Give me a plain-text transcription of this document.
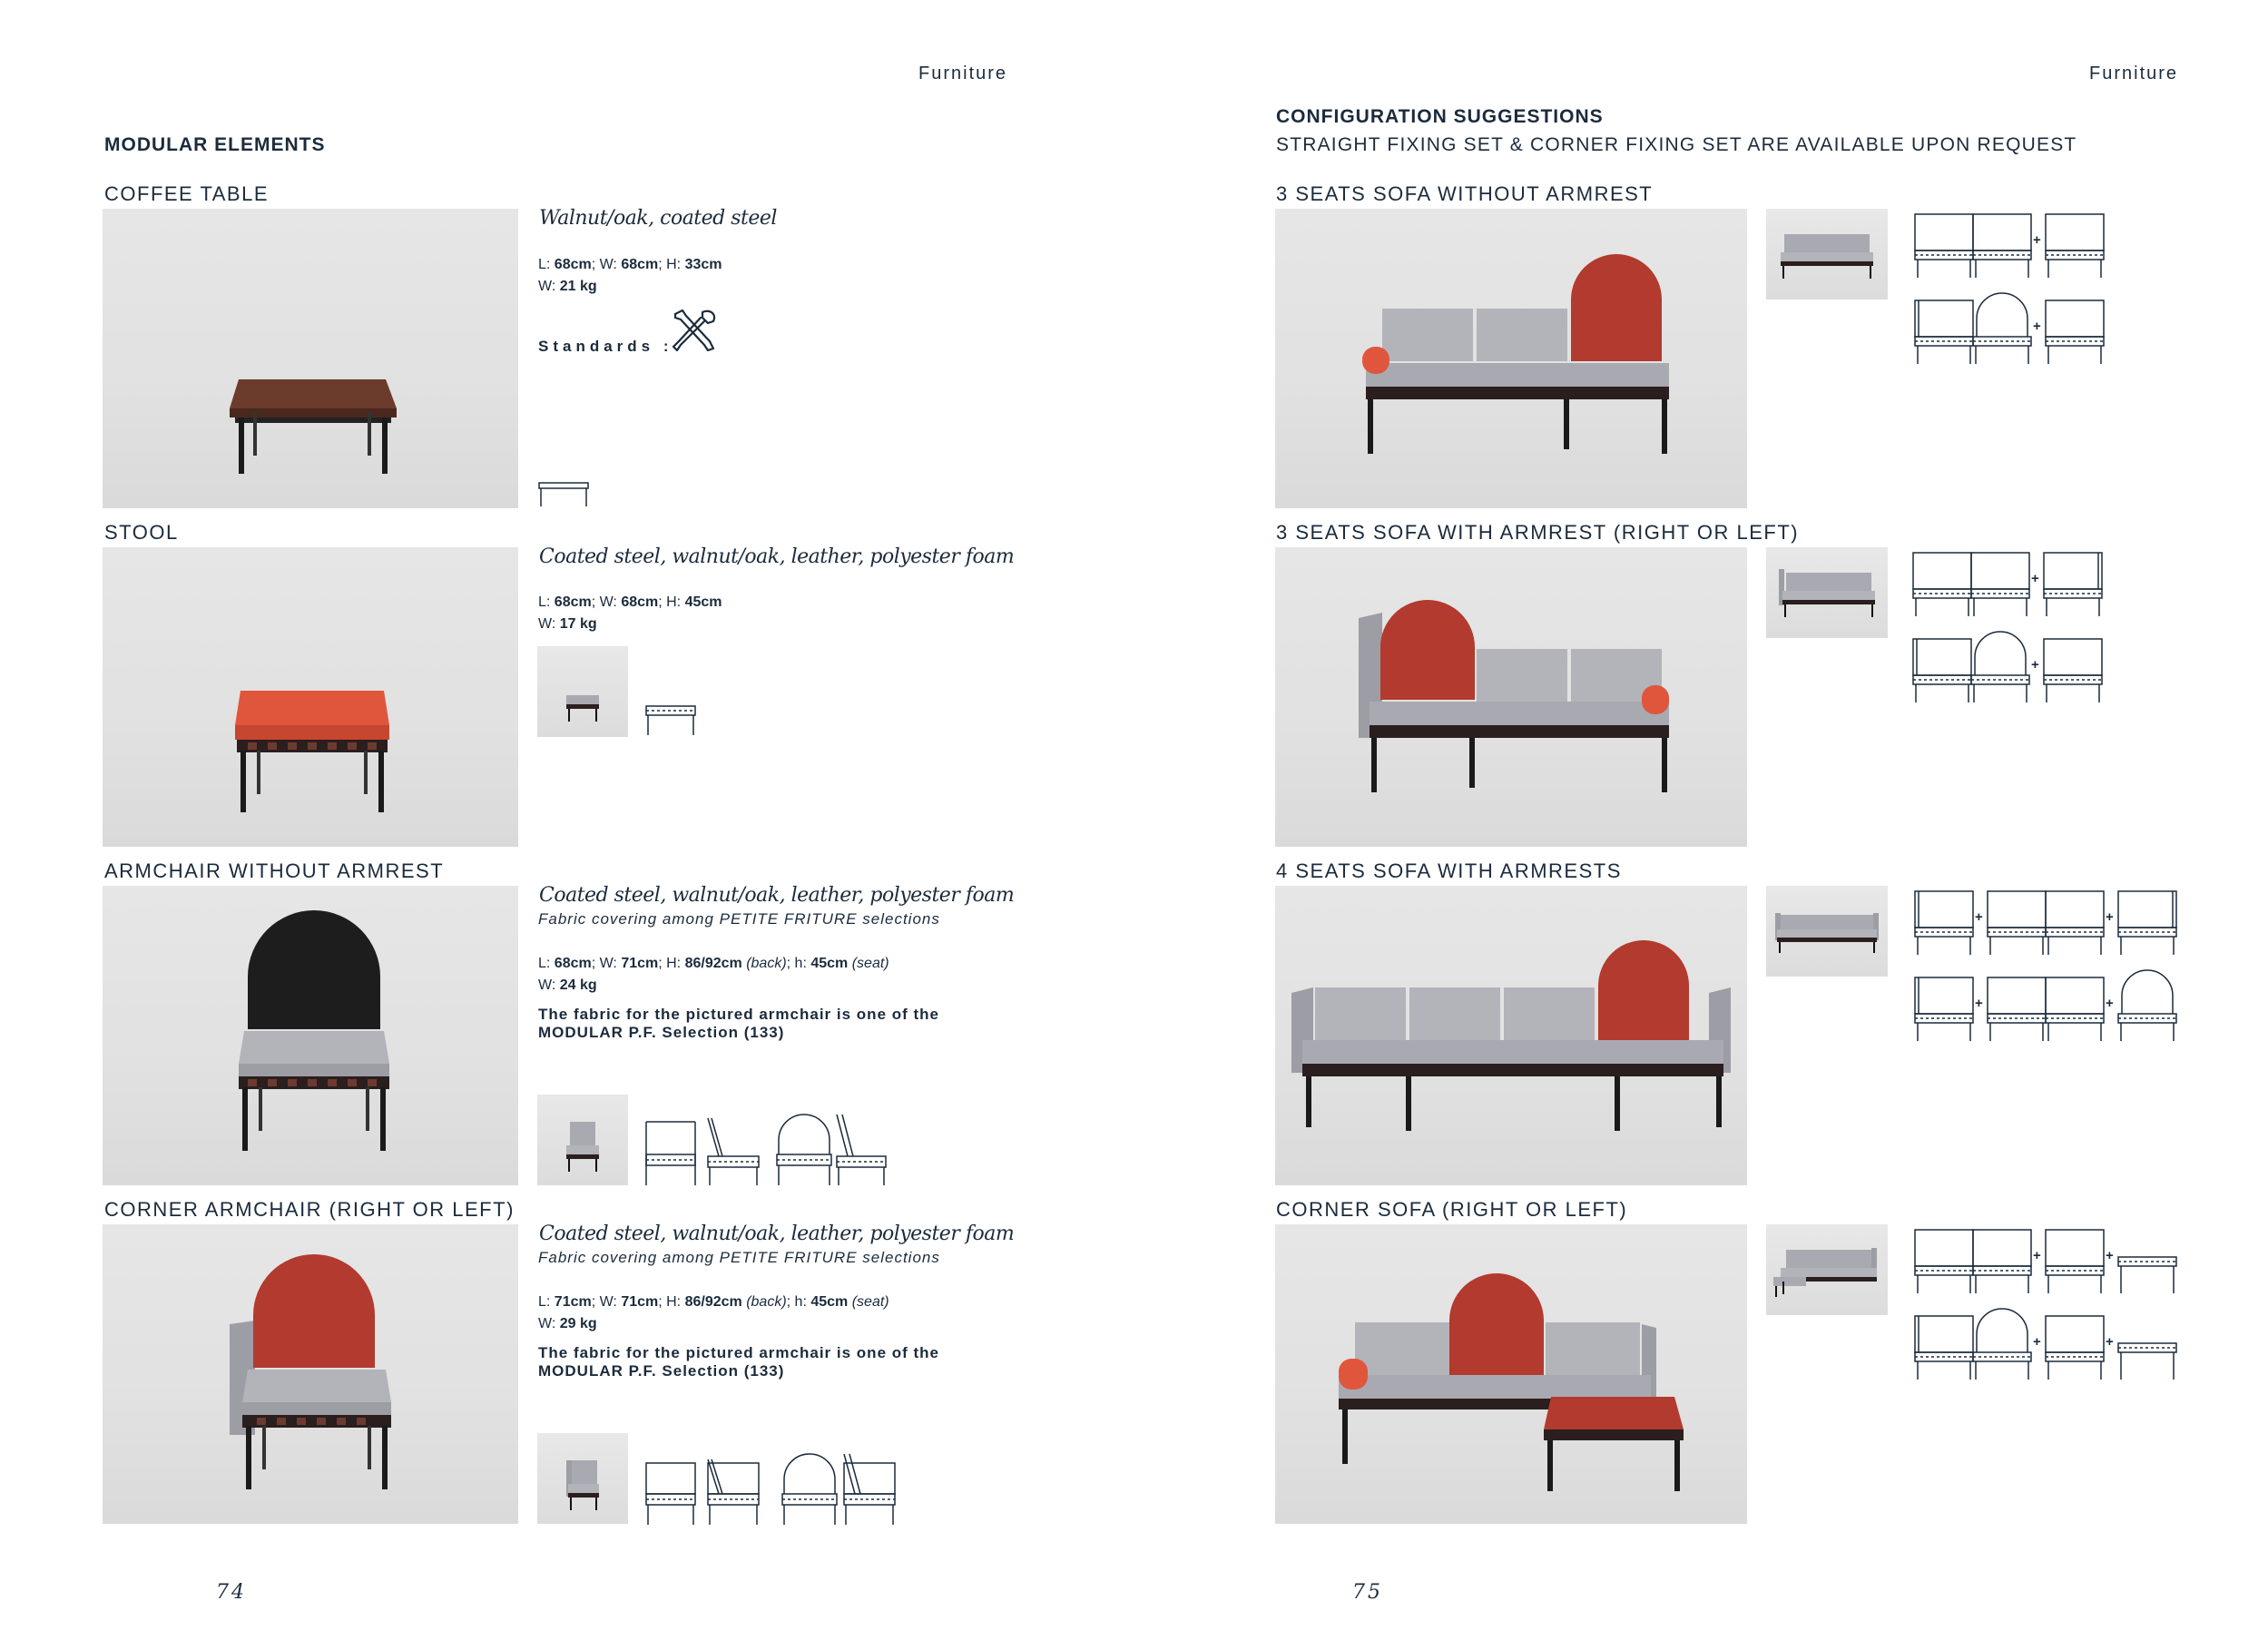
Furniture
MODULAR ELEMENTS
COFFEE TABLE
Walnut/oak, coated steel
L: 68cm; W: 68cm; H: 33cm
W: 21 kg
Standards :
STOOL
Coated steel, walnut/oak, leather, polyester foam
L: 68cm; W: 68cm; H: 45cm
W: 17 kg
ARMCHAIR WITHOUT ARMREST
Coated steel, walnut/oak, leather, polyester foam
Fabric covering among PETITE FRITURE selections
L: 68cm; W: 71cm; H: 86/92cm (back); h: 45cm (seat)
W: 24 kg
The fabric for the pictured armchair is one of the MODULAR P.F. Selection (133)
CORNER ARMCHAIR (RIGHT OR LEFT)
Coated steel, walnut/oak, leather, polyester foam
Fabric covering among PETITE FRITURE selections
L: 71cm; W: 71cm; H: 86/92cm (back); h: 45cm (seat)
W: 29 kg
The fabric for the pictured armchair is one of the MODULAR P.F. Selection (133)
74
Furniture
CONFIGURATION SUGGESTIONS
STRAIGHT FIXING SET & CORNER FIXING SET ARE AVAILABLE UPON REQUEST
3 SEATS SOFA WITHOUT ARMREST
3 SEATS SOFA WITH ARMREST (RIGHT OR LEFT)
4 SEATS SOFA WITH ARMRESTS
CORNER SOFA (RIGHT OR LEFT)
+
+
+
+
+	+
+	+
+	+
+	+
75
